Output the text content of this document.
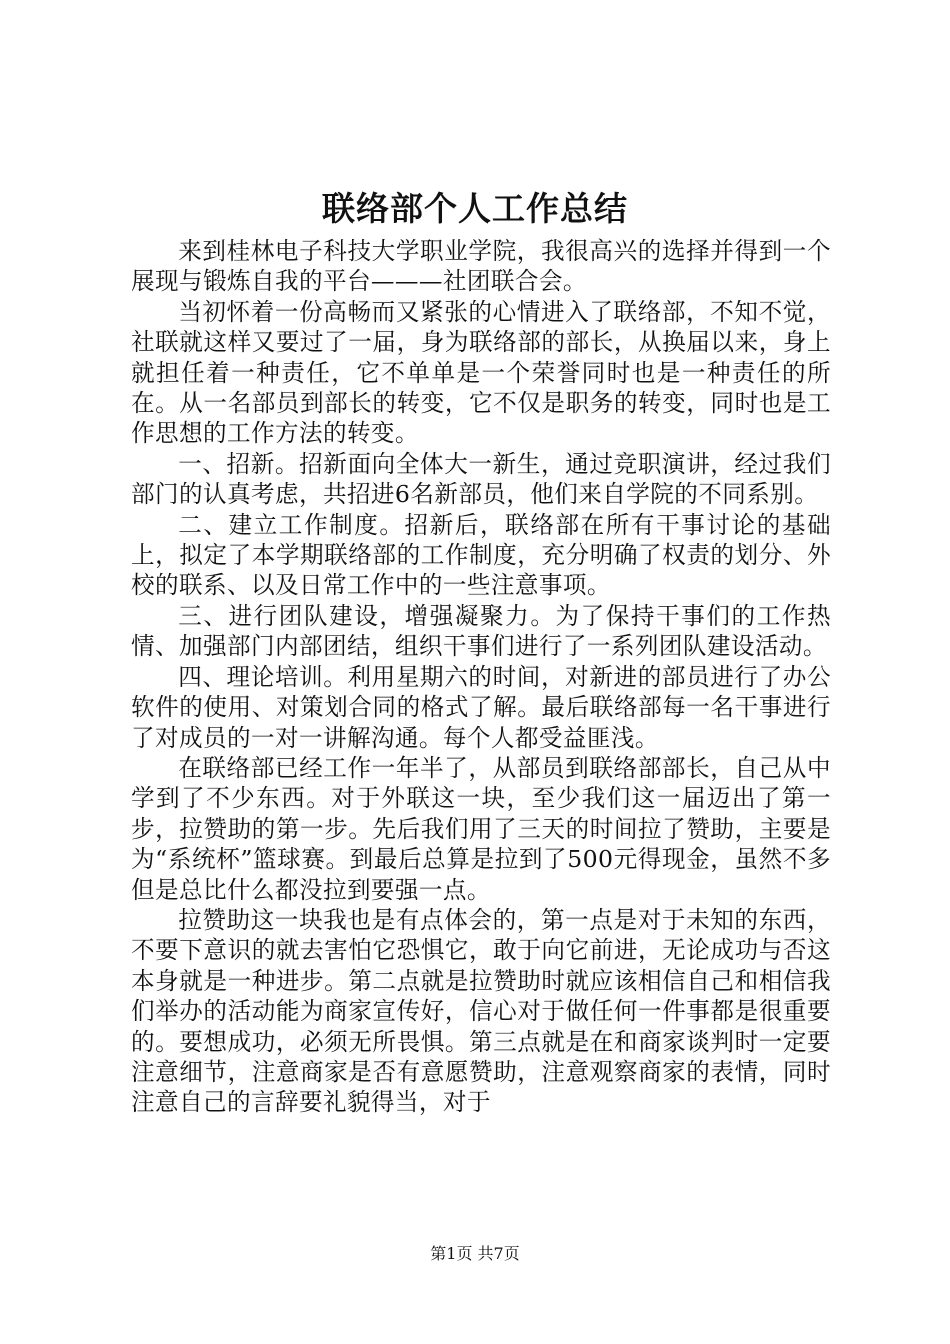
联络部个人工作总结

来到桂林电子科技大学职业学院，我很高兴的选择并得到一个展现与锻炼自我的平台———社团联合会。

当初怀着一份高畅而又紧张的心情进入了联络部，不知不觉，社联就这样又要过了一届，身为联络部的部长，从换届以来，身上就担任着一种责任，它不单单是一个荣誉同时也是一种责任的所在。从一名部员到部长的转变，它不仅是职务的转变，同时也是工作思想的工作方法的转变。

一、招新。招新面向全体大一新生，通过竞职演讲，经过我们部门的认真考虑，共招进6名新部员，他们来自学院的不同系别。

二、建立工作制度。招新后，联络部在所有干事讨论的基础上，拟定了本学期联络部的工作制度，充分明确了权责的划分、外校的联系、以及日常工作中的一些注意事项。

三、进行团队建设，增强凝聚力。为了保持干事们的工作热情、加强部门内部团结，组织干事们进行了一系列团队建设活动。

四、理论培训。利用星期六的时间，对新进的部员进行了办公软件的使用、对策划合同的格式了解。最后联络部每一名干事进行了对成员的一对一讲解沟通。每个人都受益匪浅。

在联络部已经工作一年半了，从部员到联络部部长，自己从中学到了不少东西。对于外联这一块，至少我们这一届迈出了第一步，拉赞助的第一步。先后我们用了三天的时间拉了赞助，主要是为“系统杯”篮球赛。到最后总算是拉到了500元得现金，虽然不多但是总比什么都没拉到要强一点。

拉赞助这一块我也是有点体会的，第一点是对于未知的东西，不要下意识的就去害怕它恐惧它，敢于向它前进，无论成功与否这本身就是一种进步。第二点就是拉赞助时就应该相信自己和相信我们举办的活动能为商家宣传好，信心对于做任何一件事都是很重要的。要想成功，必须无所畏惧。第三点就是在和商家谈判时一定要注意细节，注意商家是否有意愿赞助，注意观察商家的表情，同时注意自己的言辞要礼貌得当，对于

第1页 共7页
